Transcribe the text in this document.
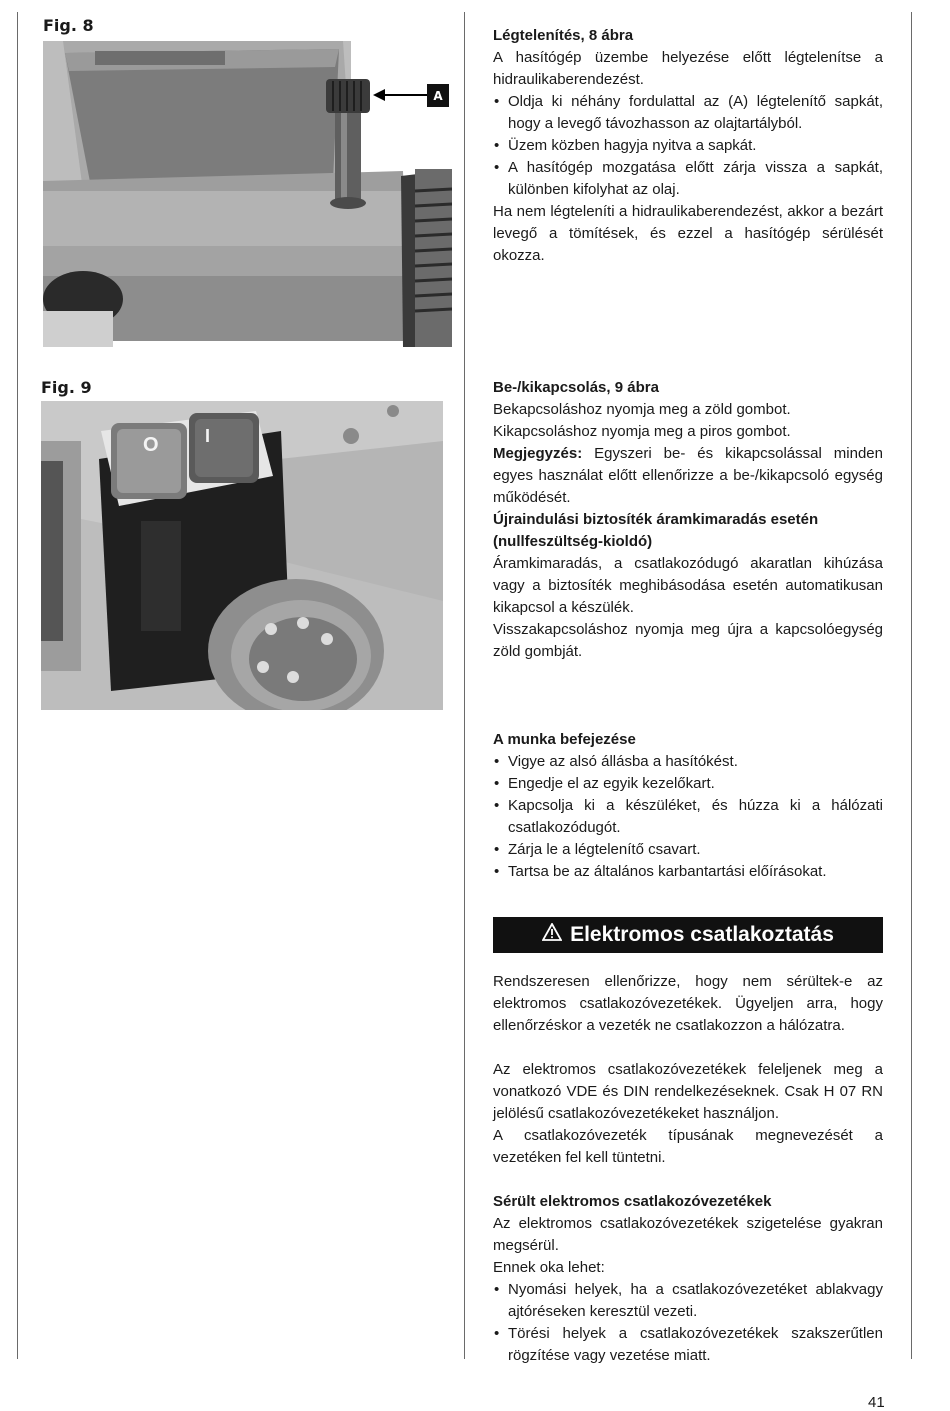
Fig. 8
A
Légtelenítés, 8 ábra

A hasítógép üzembe helyezése előtt légtelenítse a hidraulikaberendezést.

• Oldja ki néhány fordulattal az (A) légtelenítő sapkát, hogy a levegő távozhasson az olajtartályból.
• Üzem közben hagyja nyitva a sapkát.
• A hasítógép mozgatása előtt zárja vissza a sapkát, különben kifolyhat az olaj.

Ha nem légteleníti a hidraulikaberendezést, akkor a bezárt levegő a tömítések, és ezzel a hasítógép sérülését okozza.

Fig. 9
O	I
Be-/kikapcsolás, 9 ábra

Bekapcsoláshoz nyomja meg a zöld gombot.

Kikapcsoláshoz nyomja meg a piros gombot.

Megjegyzés: Egyszeri be- és kikapcsolással minden egyes használat előtt ellenőrizze a be-/kikapcsoló egység működését.

Újraindulási biztosíték áramkimaradás esetén (nullfeszültség-kioldó)

Áramkimaradás, a csatlakozódugó akaratlan kihúzása vagy a biztosíték meghibásodása esetén automatikusan kikapcsol a készülék.

Visszakapcsoláshoz nyomja meg újra a kapcsolóegység zöld gombját.

A munka befejezése
• Vigye az alsó állásba a hasítókést.
• Engedje el az egyik kezelőkart.
• Kapcsolja ki a készüléket, és húzza ki a hálózati csatlakozódugót.
• Zárja le a légtelenítő csavart.
• Tartsa be az általános karbantartási előírásokat.
Elektromos csatlakoztatás

Rendszeresen ellenőrizze, hogy nem sérültek-e az elektromos csatlakozóvezetékek. Ügyeljen arra, hogy ellenőrzéskor a vezeték ne csatlakozzon a hálózatra.

Az elektromos csatlakozóvezetékek feleljenek meg a vonatkozó VDE és DIN rendelkezéseknek. Csak H 07 RN jelölésű csatlakozóvezetékeket használjon.

A csatlakozóvezeték típusának megnevezését a vezetéken fel kell tüntetni.

Sérült elektromos csatlakozóvezetékek

Az elektromos csatlakozóvezetékek szigetelése gyakran megsérül.

Ennek oka lehet:

• Nyomási helyek, ha a csatlakozóvezetéket ablakvagy ajtóréseken keresztül vezeti.
• Törési helyek a csatlakozóvezetékek szakszerűtlen rögzítése vagy vezetése miatt.
41
